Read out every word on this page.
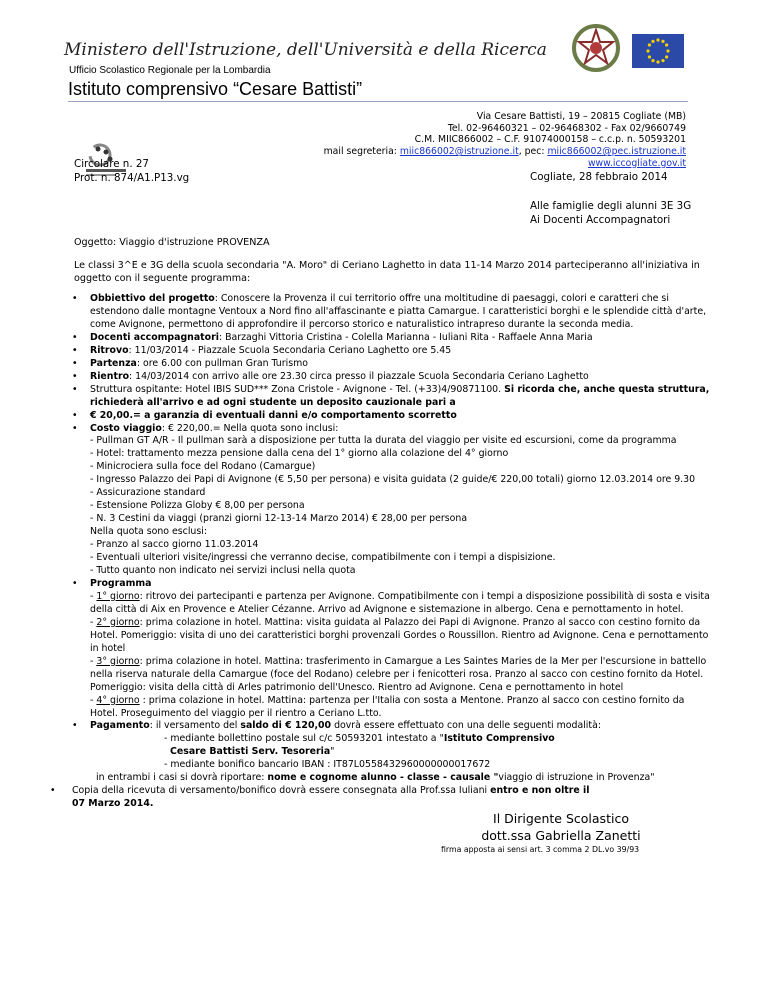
Ministero dell'Istruzione, dell'Università e della Ricerca
Ufficio Scolastico Regionale per la Lombardia
Istituto comprensivo “Cesare Battisti”
Via Cesare Battisti, 19 – 20815 Cogliate (MB)
Tel. 02-96460321 – 02-96468302 - Fax 02/9660749
C.M. MIIC866002 – C.F. 91074000158 – c.c.p. n. 50593201
mail segreteria: miic866002@istruzione.it, pec: miic866002@pec.istruzione.it
www.iccogliate.gov.it
Circolare n. 27
Prot. n. 874/A1.P13.vg	Cogliate, 28 febbraio 2014
Alle famiglie degli alunni 3E 3G
Ai Docenti Accompagnatori
Oggetto: Viaggio d'istruzione PROVENZA
Le classi 3^E e 3G della scuola secondaria "A. Moro" di Ceriano Laghetto in data 11-14 Marzo 2014 parteciperanno all'iniziativa in oggetto con il seguente programma:
• Obbiettivo del progetto: Conoscere la Provenza il cui territorio offre una moltitudine di paesaggi, colori e caratteri che si estendono dalle montagne Ventoux a Nord fino all'affascinante e piatta Camargue. I caratteristici borghi e le splendide città d'arte, come Avignone, permettono di approfondire il percorso storico e naturalistico intrapreso durante la seconda media.
• Docenti accompagnatori: Barzaghi Vittoria Cristina - Colella Marianna - Iuliani Rita - Raffaele Anna Maria
• Ritrovo: 11/03/2014 - Piazzale Scuola Secondaria Ceriano Laghetto ore 5.45
• Partenza: ore 6.00 con pullman Gran Turismo
• Rientro: 14/03/2014 con arrivo alle ore 23.30 circa presso il piazzale Scuola Secondaria Ceriano Laghetto
• Struttura ospitante: Hotel IBIS SUD*** Zona Cristole - Avignone - Tel. (+33)4/90871100. Si ricorda che, anche questa struttura, richiederà all'arrivo e ad ogni studente un deposito cauzionale pari a
• € 20,00.= a garanzia di eventuali danni e/o comportamento scorretto
• Costo viaggio: € 220,00.= Nella quota sono inclusi:
- Pullman GT A/R - Il pullman sarà a disposizione per tutta la durata del viaggio per visite ed escursioni, come da programma
- Hotel: trattamento mezza pensione dalla cena del 1° giorno alla colazione del 4° giorno
- Minicrociera sulla foce del Rodano (Camargue)
- Ingresso Palazzo dei Papi di Avignone (€ 5,50 per persona) e visita guidata (2 guide/€ 220,00 totali) giorno 12.03.2014 ore 9.30
- Assicurazione standard
- Estensione Polizza Globy € 8,00 per persona
- N. 3 Cestini da viaggi (pranzi giorni 12-13-14 Marzo 2014) € 28,00 per persona
Nella quota sono esclusi:
- Pranzo al sacco giorno 11.03.2014
- Eventuali ulteriori visite/ingressi che verranno decise, compatibilmente con i tempi a dispisizione.
- Tutto quanto non indicato nei servizi inclusi nella quota
• Programma
- 1° giorno: ritrovo dei partecipanti e partenza per Avignone. Compatibilmente con i tempi a disposizione possibilità di sosta e visita della città di Aix en Provence e Atelier Cézanne. Arrivo ad Avignone e sistemazione in albergo. Cena e pernottamento in hotel.
- 2° giorno: prima colazione in hotel. Mattina: visita guidata al Palazzo dei Papi di Avignone. Pranzo al sacco con cestino fornito da Hotel. Pomeriggio: visita di uno dei caratteristici borghi provenzali Gordes o Roussillon. Rientro ad Avignone. Cena e pernottamento in hotel
- 3° giorno: prima colazione in hotel. Mattina: trasferimento in Camargue a Les Saintes Maries de la Mer per l'escursione in battello nella riserva naturale della Camargue (foce del Rodano) celebre per i fenicotteri rosa. Pranzo al sacco con cestino fornito da Hotel. Pomeriggio: visita della città di Arles patrimonio dell'Unesco. Rientro ad Avignone. Cena e pernottamento in hotel
- 4° giorno : prima colazione in hotel. Mattina: partenza per l'Italia con sosta a Mentone. Pranzo al sacco con cestino fornito da Hotel. Proseguimento del viaggio per il rientro a Ceriano L.tto.
• Pagamento: il versamento del saldo di € 120,00 dovrà essere effettuato con una delle seguenti modalità:
- mediante bollettino postale sul c/c 50593201 intestato a "Istituto Comprensivo
Cesare Battisti Serv. Tesoreria"
- mediante bonifico bancario IBAN : IT87L0558432960000000017672
in entrambi i casi si dovrà riportare: nome e cognome alunno - classe - causale "viaggio di istruzione in Provenza"
• Copia della ricevuta di versamento/bonifico dovrà essere consegnata alla Prof.ssa Iuliani entro e non oltre il
07 Marzo 2014.
Il Dirigente Scolastico
dott.ssa Gabriella Zanetti
firma apposta ai sensi art. 3 comma 2 DL.vo 39/93
